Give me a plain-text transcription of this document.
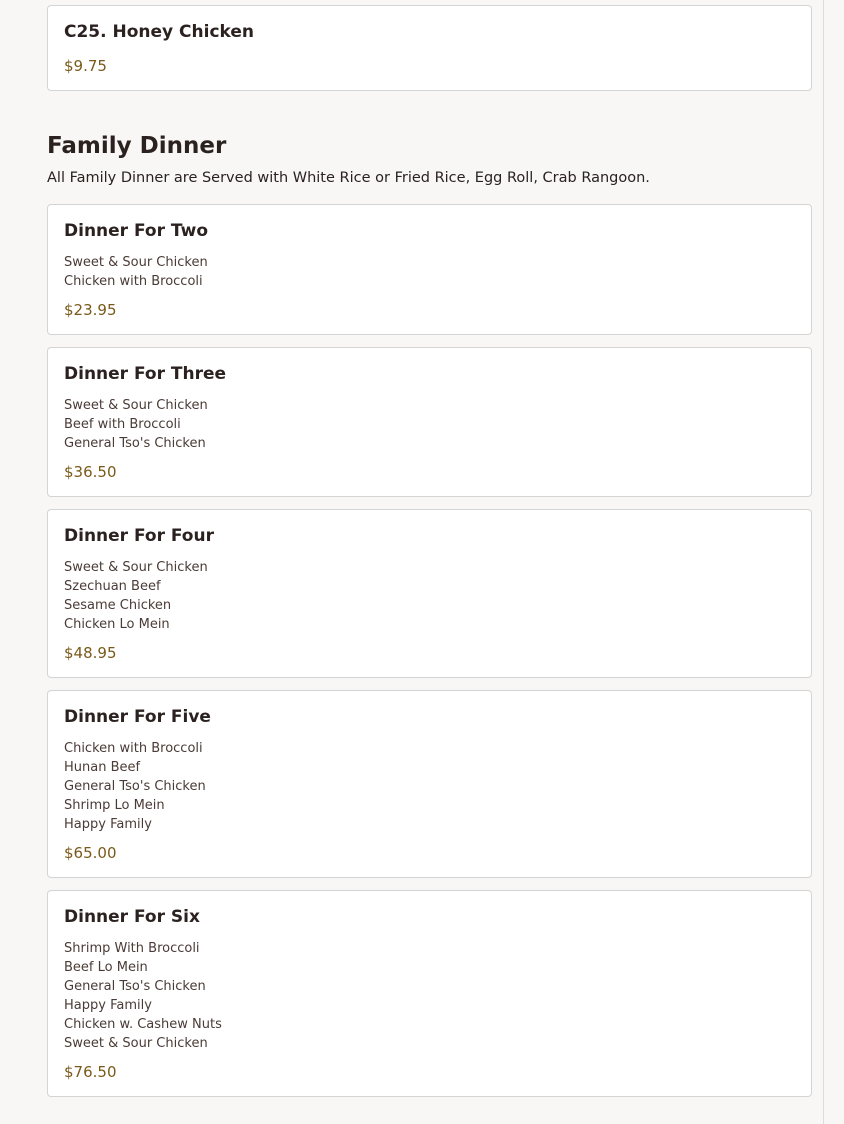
C25. Honey Chicken
$9.75
Family Dinner
All Family Dinner are Served with White Rice or Fried Rice, Egg Roll, Crab Rangoon.
Dinner For Two
Sweet & Sour Chicken
Chicken with Broccoli
$23.95
Dinner For Three
Sweet & Sour Chicken
Beef with Broccoli
General Tso's Chicken
$36.50
Dinner For Four
Sweet & Sour Chicken
Szechuan Beef
Sesame Chicken
Chicken Lo Mein
$48.95
Dinner For Five
Chicken with Broccoli
Hunan Beef
General Tso's Chicken
Shrimp Lo Mein
Happy Family
$65.00
Dinner For Six
Shrimp With Broccoli
Beef Lo Mein
General Tso's Chicken
Happy Family
Chicken w. Cashew Nuts
Sweet & Sour Chicken
$76.50
